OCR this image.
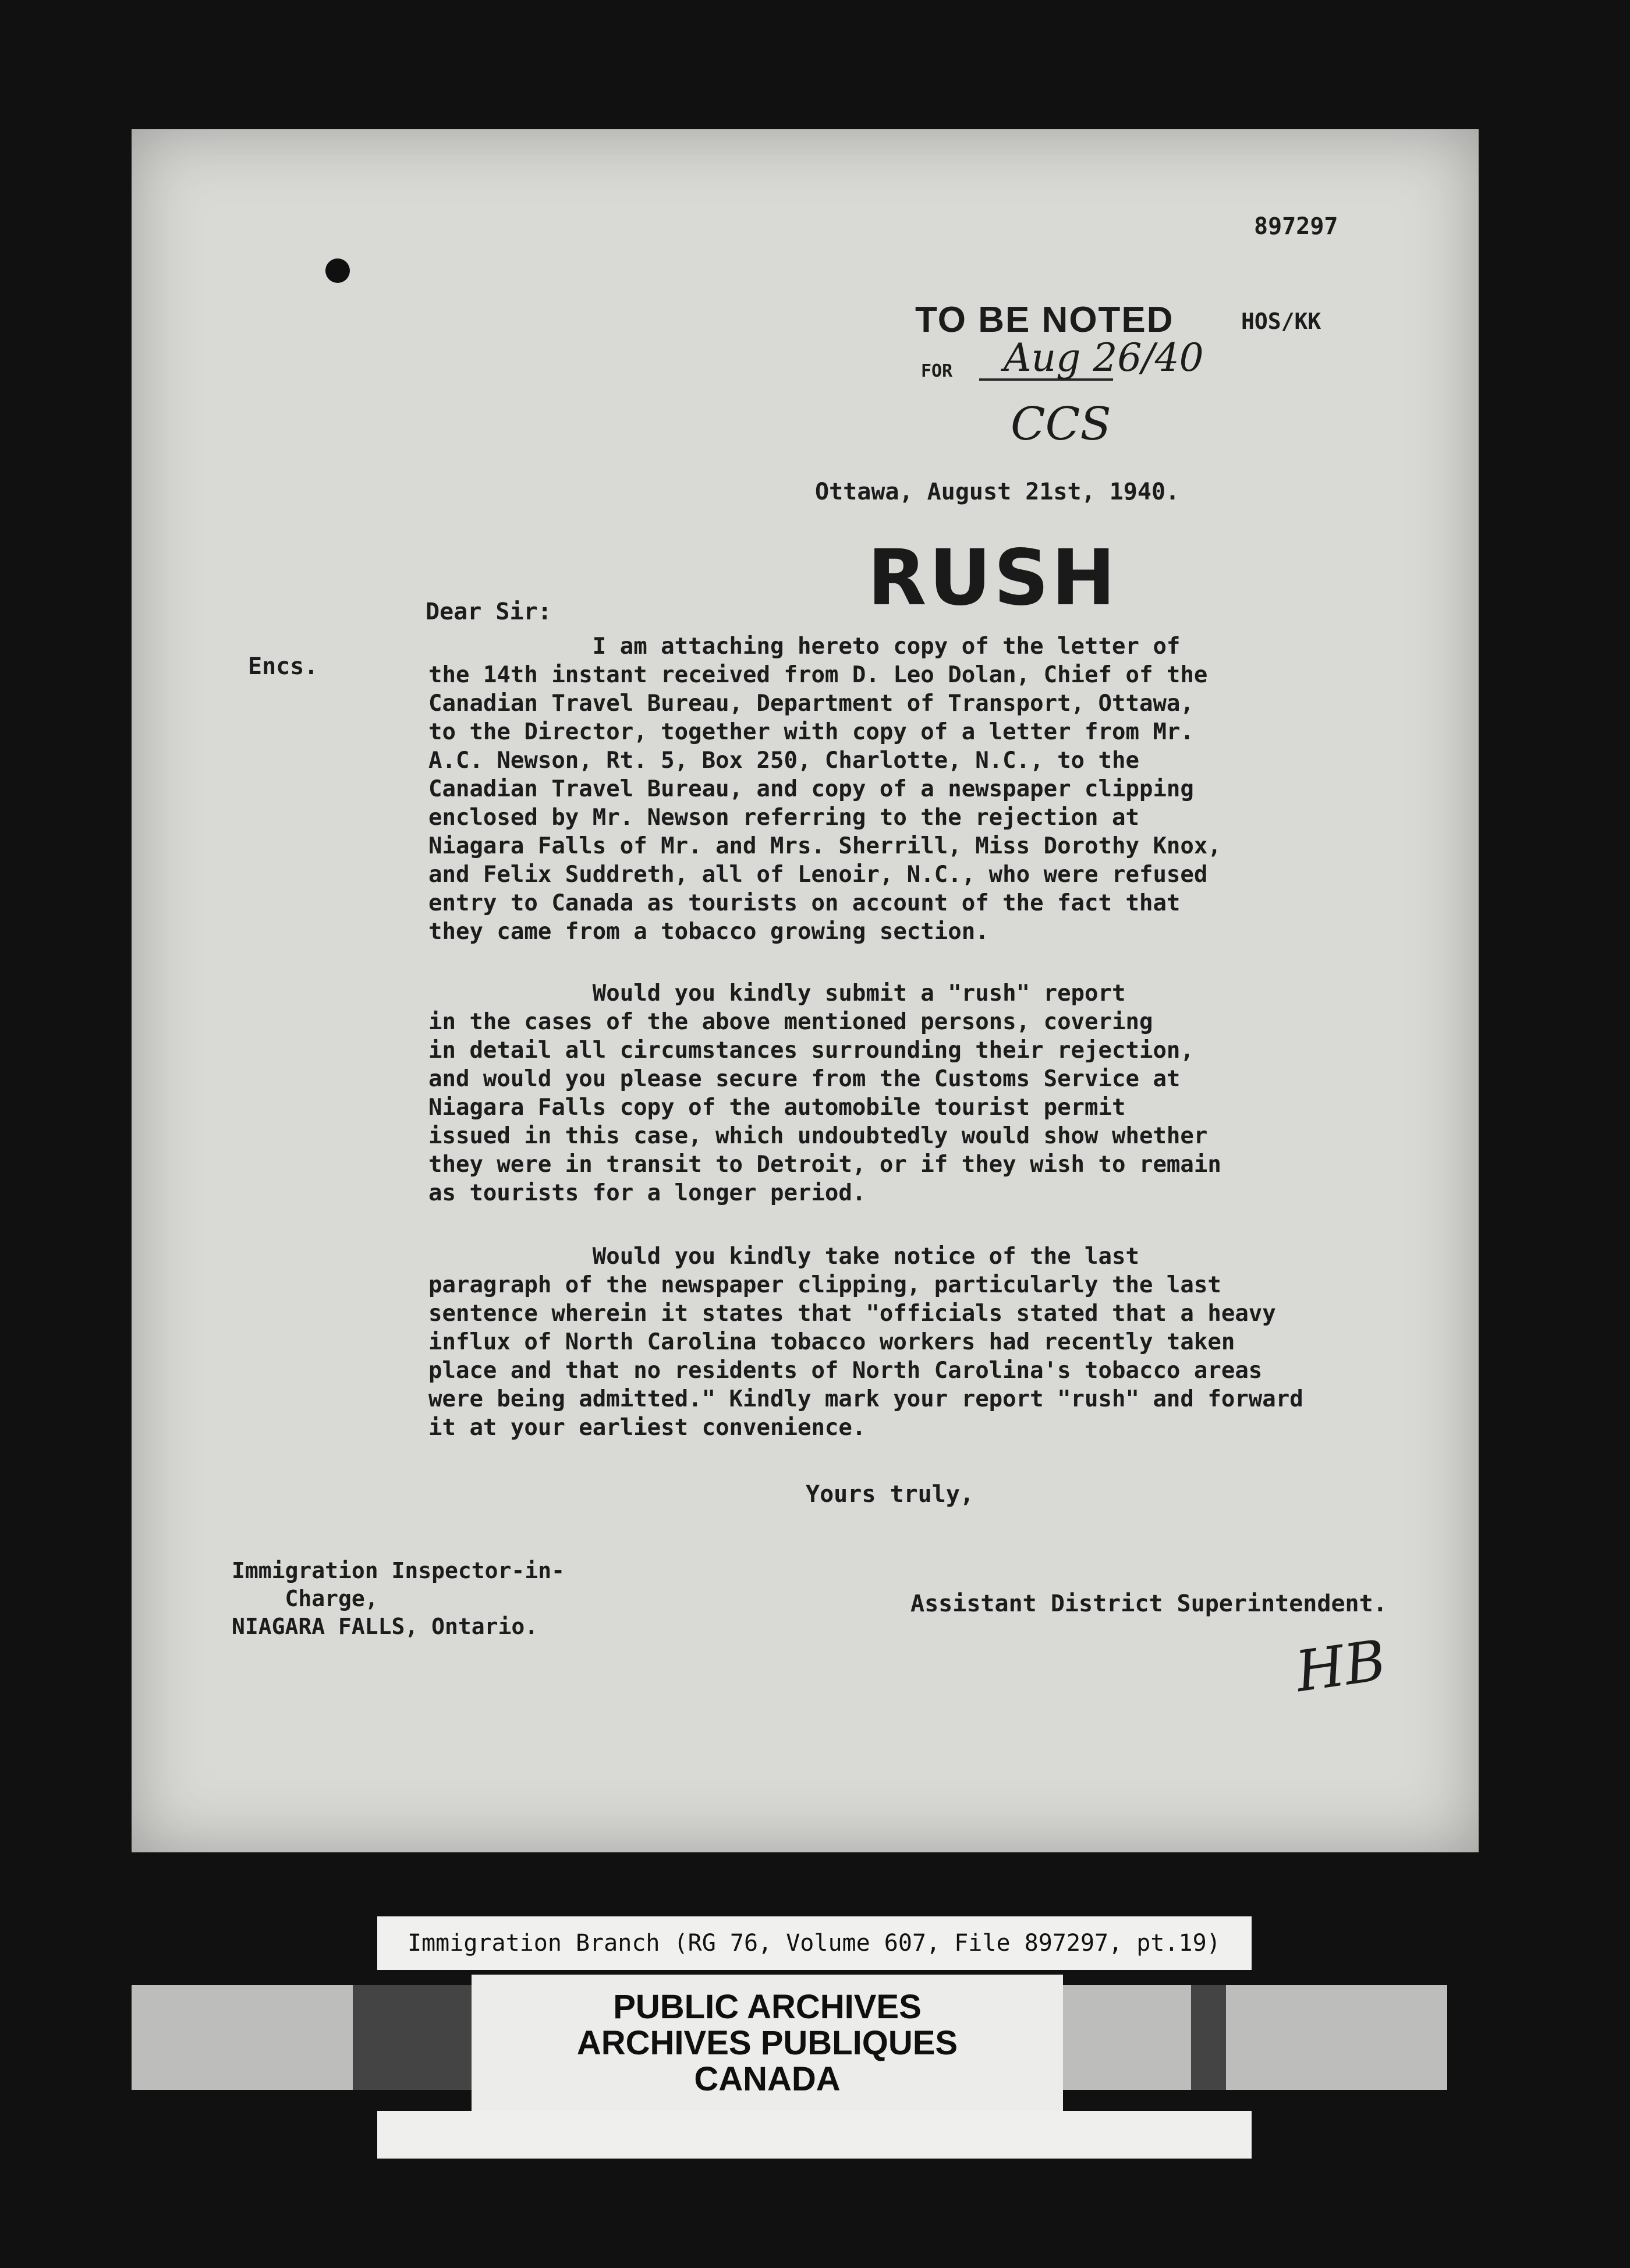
897297
TO BE NOTED	HOS/KK
FOR Aug 26/40
CCS
Ottawa, August 21st, 1940.
RUSH
Dear Sir:
Encs.
I am attaching hereto copy of the letter of
the 14th instant received from D. Leo Dolan, Chief of the
Canadian Travel Bureau, Department of Transport, Ottawa,
to the Director, together with copy of a letter from Mr.
A.C. Newson, Rt. 5, Box 250, Charlotte, N.C., to the
Canadian Travel Bureau, and copy of a newspaper clipping
enclosed by Mr. Newson referring to the rejection at
Niagara Falls of Mr. and Mrs. Sherrill, Miss Dorothy Knox,
and Felix Suddreth, all of Lenoir, N.C., who were refused
entry to Canada as tourists on account of the fact that
they came from a tobacco growing section.
Would you kindly submit a "rush" report
in the cases of the above mentioned persons, covering
in detail all circumstances surrounding their rejection,
and would you please secure from the Customs Service at
Niagara Falls copy of the automobile tourist permit
issued in this case, which undoubtedly would show whether
they were in transit to Detroit, or if they wish to remain
as tourists for a longer period.
Would you kindly take notice of the last
paragraph of the newspaper clipping, particularly the last
sentence wherein it states that "officials stated that a heavy
influx of North Carolina tobacco workers had recently taken
place and that no residents of North Carolina's tobacco areas
were being admitted." Kindly mark your report "rush" and forward
it at your earliest convenience.
Yours truly,
Immigration Inspector-in-
Charge,
NIAGARA FALLS, Ontario.
Assistant District Superintendent.
HB
Immigration Branch (RG 76, Volume 607, File 897297, pt.19)
PUBLIC ARCHIVES
ARCHIVES PUBLIQUES
CANADA
